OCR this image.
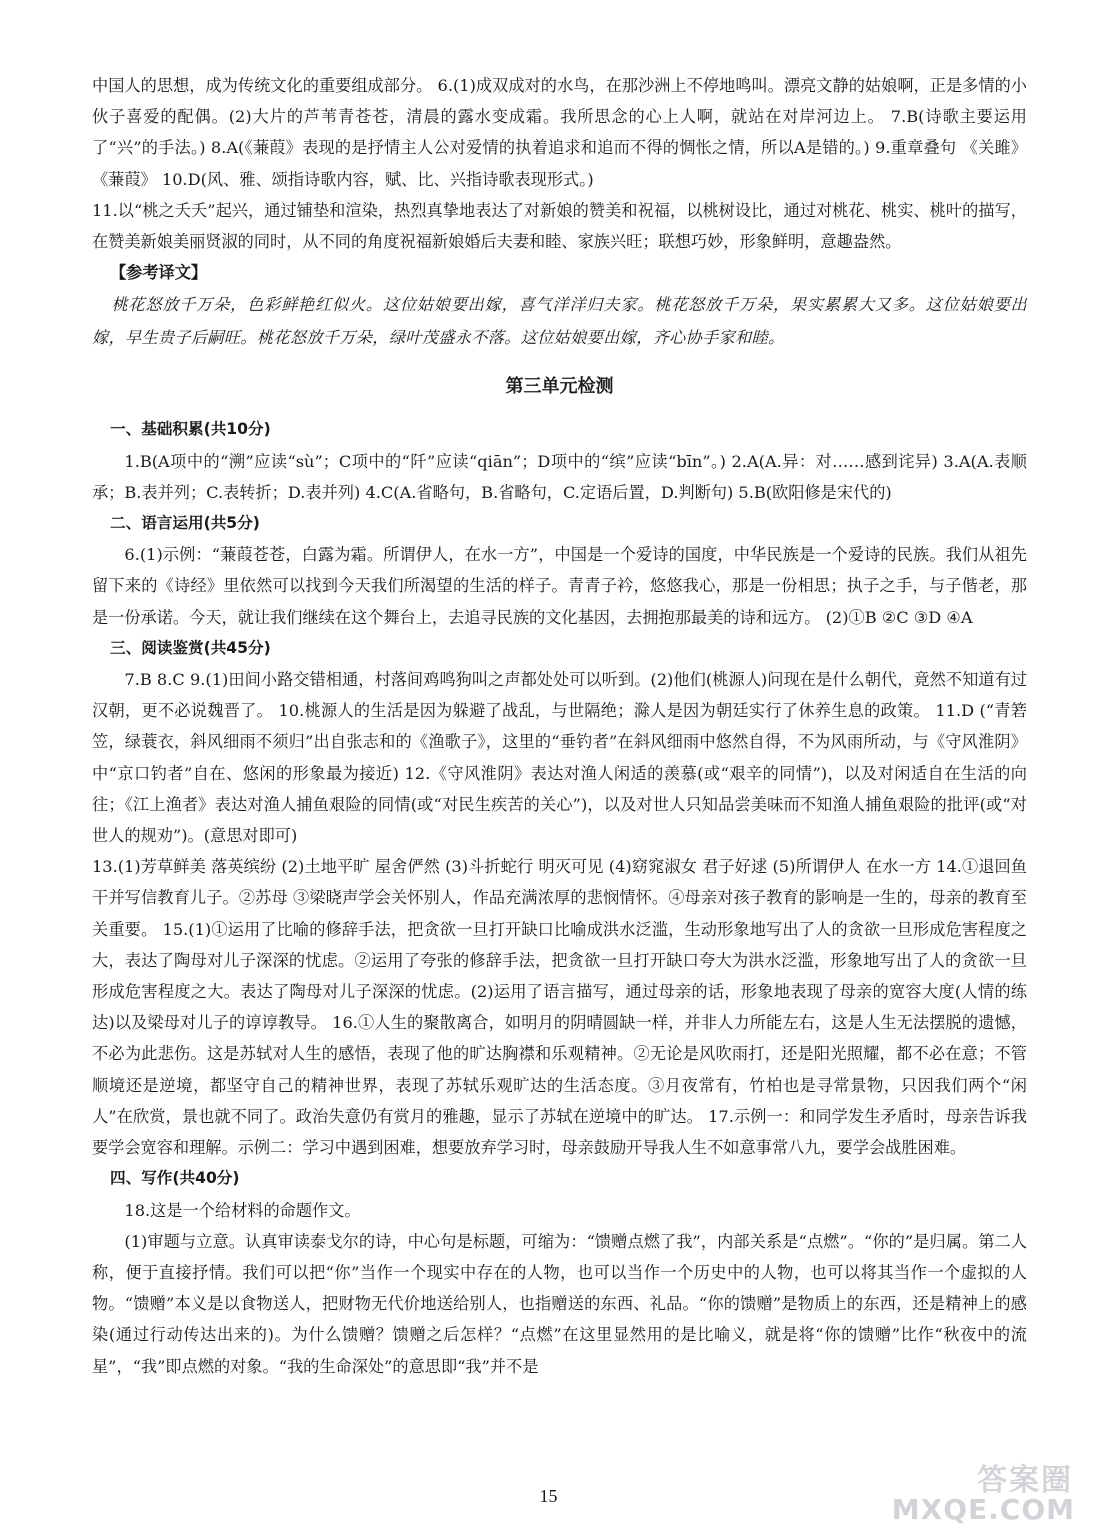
中国人的思想，成为传统文化的重要组成部分。 6.(1)成双成对的水鸟，在那沙洲上不停地鸣叫。漂亮文静的姑娘啊，正是多情的小伙子喜爱的配偶。(2)大片的芦苇青苍苍，清晨的露水变成霜。我所思念的心上人啊，就站在对岸河边上。 7.B(诗歌主要运用了“兴”的手法。) 8.A(《蒹葭》表现的是抒情主人公对爱情的执着追求和追而不得的惆怅之情，所以A是错的。) 9.重章叠句 《关雎》《蒹葭》 10.D(风、雅、颂指诗歌内容，赋、比、兴指诗歌表现形式。)

11.以“桃之夭夭”起兴，通过铺垫和渲染，热烈真挚地表达了对新娘的赞美和祝福，以桃树设比，通过对桃花、桃实、桃叶的描写，在赞美新娘美丽贤淑的同时，从不同的角度祝福新娘婚后夫妻和睦、家族兴旺；联想巧妙，形象鲜明，意趣盎然。

【参考译文】
桃花怒放千万朵，色彩鲜艳红似火。这位姑娘要出嫁，喜气洋洋归夫家。桃花怒放千万朵，果实累累大又多。这位姑娘要出嫁，早生贵子后嗣旺。桃花怒放千万朵，绿叶茂盛永不落。这位姑娘要出嫁，齐心协手家和睦。
第三单元检测
一、基础积累(共10分)

1.B(A项中的“溯”应读“sù”；C项中的“阡”应读“qiān”；D项中的“缤”应读“bīn”。) 2.A(A.异：对……感到诧异) 3.A(A.表顺承；B.表并列；C.表转折；D.表并列) 4.C(A.省略句，B.省略句，C.定语后置，D.判断句) 5.B(欧阳修是宋代的)

二、语言运用(共5分)

6.(1)示例：“蒹葭苍苍，白露为霜。所谓伊人，在水一方”，中国是一个爱诗的国度，中华民族是一个爱诗的民族。我们从祖先留下来的《诗经》里依然可以找到今天我们所渴望的生活的样子。青青子衿，悠悠我心，那是一份相思；执子之手，与子偕老，那是一份承诺。今天，就让我们继续在这个舞台上，去追寻民族的文化基因，去拥抱那最美的诗和远方。 (2)①B ②C ③D ④A

三、阅读鉴赏(共45分)

7.B 8.C 9.(1)田间小路交错相通，村落间鸡鸣狗叫之声都处处可以听到。(2)他们(桃源人)问现在是什么朝代，竟然不知道有过汉朝，更不必说魏晋了。 10.桃源人的生活是因为躲避了战乱，与世隔绝；滁人是因为朝廷实行了休养生息的政策。 11.D (“青箬笠，绿蓑衣，斜风细雨不须归”出自张志和的《渔歌子》，这里的“垂钓者”在斜风细雨中悠然自得，不为风雨所动，与《守风淮阴》中“京口钓者”自在、悠闲的形象最为接近) 12.《守风淮阴》表达对渔人闲适的羡慕(或“艰辛的同情”)，以及对闲适自在生活的向往；《江上渔者》表达对渔人捕鱼艰险的同情(或“对民生疾苦的关心”)，以及对世人只知品尝美味而不知渔人捕鱼艰险的批评(或“对世人的规劝”)。(意思对即可)

13.(1)芳草鲜美 落英缤纷 (2)土地平旷 屋舍俨然 (3)斗折蛇行 明灭可见 (4)窈窕淑女 君子好逑 (5)所谓伊人 在水一方 14.①退回鱼干并写信教育儿子。②苏母 ③梁晓声学会关怀别人，作品充满浓厚的悲悯情怀。④母亲对孩子教育的影响是一生的，母亲的教育至关重要。 15.(1)①运用了比喻的修辞手法，把贪欲一旦打开缺口比喻成洪水泛滥，生动形象地写出了人的贪欲一旦形成危害程度之大，表达了陶母对儿子深深的忧虑。②运用了夸张的修辞手法，把贪欲一旦打开缺口夸大为洪水泛滥，形象地写出了人的贪欲一旦形成危害程度之大。表达了陶母对儿子深深的忧虑。(2)运用了语言描写，通过母亲的话，形象地表现了母亲的宽容大度(人情的练达)以及梁母对儿子的谆谆教导。 16.①人生的聚散离合，如明月的阴晴圆缺一样，并非人力所能左右，这是人生无法摆脱的遗憾，不必为此悲伤。这是苏轼对人生的感悟，表现了他的旷达胸襟和乐观精神。②无论是风吹雨打，还是阳光照耀，都不必在意；不管顺境还是逆境，都坚守自己的精神世界，表现了苏轼乐观旷达的生活态度。③月夜常有，竹柏也是寻常景物，只因我们两个“闲人”在欣赏，景也就不同了。政治失意仍有赏月的雅趣，显示了苏轼在逆境中的旷达。 17.示例一：和同学发生矛盾时，母亲告诉我要学会宽容和理解。示例二：学习中遇到困难，想要放弃学习时，母亲鼓励开导我人生不如意事常八九，要学会战胜困难。

四、写作(共40分)

18.这是一个给材料的命题作文。

(1)审题与立意。认真审读泰戈尔的诗，中心句是标题，可缩为：“馈赠点燃了我”，内部关系是“点燃”。“你的”是归属。第二人称，便于直接抒情。我们可以把“你”当作一个现实中存在的人物，也可以当作一个历史中的人物，也可以将其当作一个虚拟的人物。“馈赠”本义是以食物送人，把财物无代价地送给别人，也指赠送的东西、礼品。“你的馈赠”是物质上的东西，还是精神上的感染(通过行动传达出来的)。为什么馈赠？馈赠之后怎样？“点燃”在这里显然用的是比喻义，就是将“你的馈赠”比作“秋夜中的流星”，“我”即点燃的对象。“我的生命深处”的意思即“我”并不是

15	答案圈
MXQE.COM
